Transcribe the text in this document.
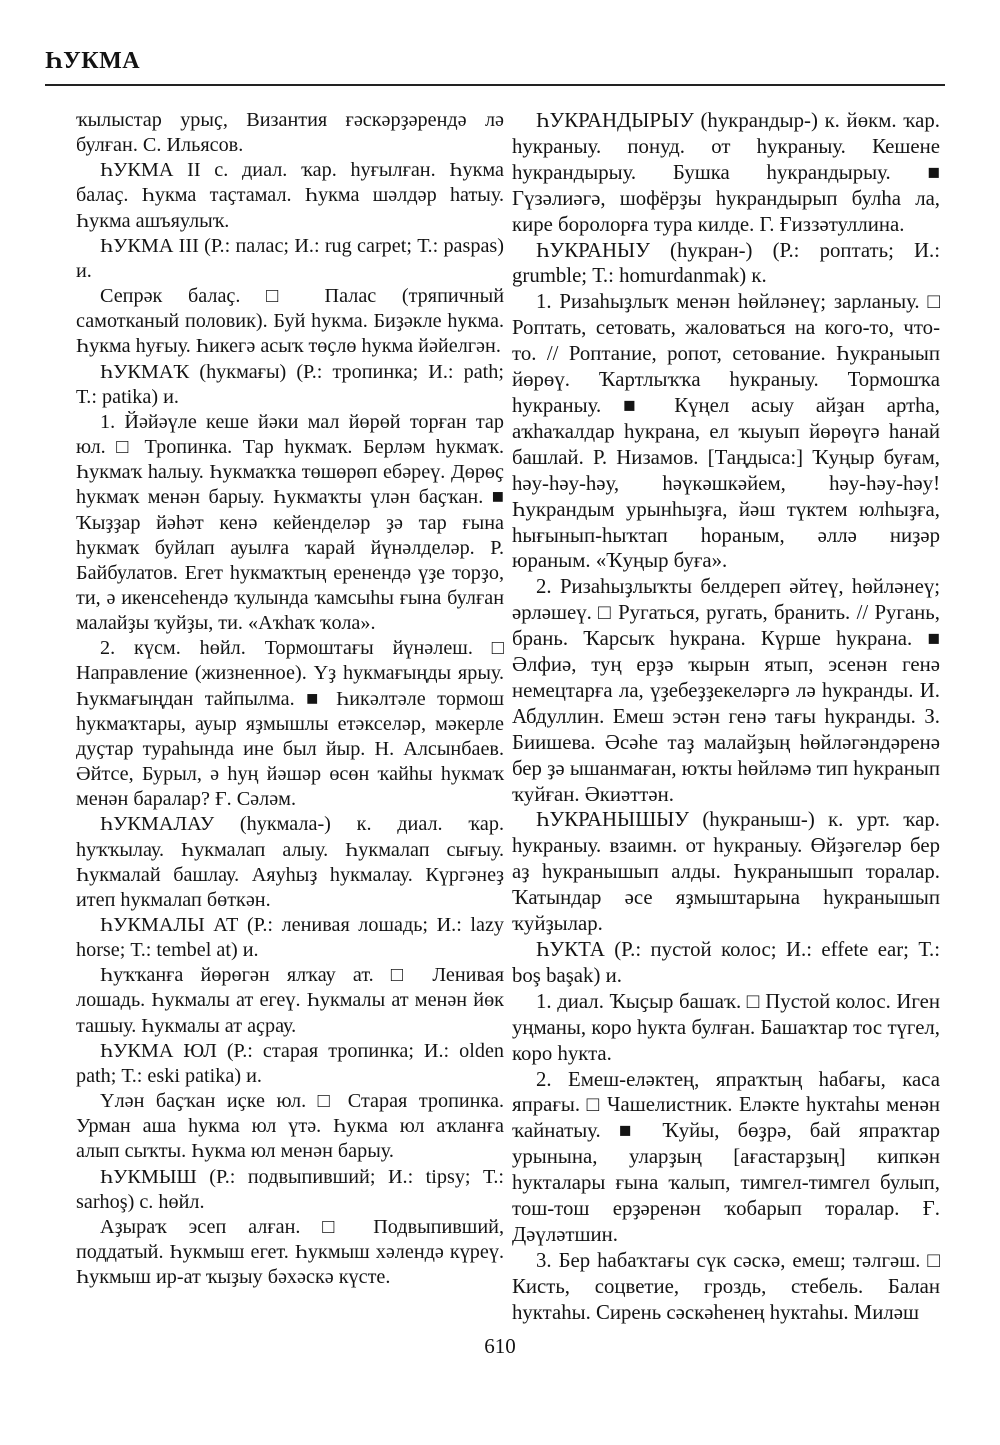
ҺУКМА

ҡылыстар урыҫ, Византия ғәскәрҙәрендә лә булған. С. Ильясов.

ҺУКМА II с. диал. ҡар. һуғылған. Һукма балаҫ. Һукма таҫтамал. Һукма шәлдәр һатыу. Һукма ашъяулыҡ.

ҺУКМА III (Р.: палас; И.: rug carpet; Т.: paspas) и.

Сепрәк балаҫ. □ Палас (тряпичный самотканый половик). Буй һукма. Биҙәкле һукма. Һукма һуғыу. Һикегә асыҡ төҫлө һукма йәйелгән.

ҺУКМАҠ (һукмағы) (Р.: тропинка; И.: path; Т.: patika) и.

1. Йәйәүле кеше йәки мал йөрөй торған тар юл. □ Тропинка. Тар һукмаҡ. Берләм һукмаҡ. Һукмаҡ һалыу. Һукмаҡҡа төшөрөп ебәреү. Дөрөҫ һукмаҡ менән барыу. Һукмаҡты үлән баҫҡан. ■ Ҡыҙҙар йәһәт кенә кейенделәр ҙә тар ғына һукмаҡ буйлап ауылға ҡарай йүнәлделәр. Р. Байбулатов. Егет һукмаҡтың еренендә үҙе торҙо, ти, ә икенсеһендә ҡулында ҡамсыһы ғына булған малайҙы ҡуйҙы, ти. «Аҡһаҡ ҡола».

2. күсм. һөйл. Тормоштағы йүнәлеш. □ Направление (жизненное). Үҙ һукмағыңды ярыу. Һукмағыңдан тайпылма. ■ Һикәлтәле тормош һукмаҡтары, ауыр яҙмышлы етәкселәр, мәкерле дуҫтар тураһында ине был йыр. Н. Алсынбаев. Әйтсе, Бурыл, ә һуң йәшәр өсөн ҡайһы һукмаҡ менән баралар? Ғ. Сәләм.

ҺУКМАЛАУ (һукмала-) к. диал. ҡар. һуҡҡылау. Һукмалап алыу. Һукмалап сығыу. Һукмалай башлау. Аяуһыҙ һукмалау. Күргәнеҙ итеп һукмалап бөткән.

ҺУКМАЛЫ АТ (Р.: ленивая лошадь; И.: lazy horse; Т.: tembel at) и.

Һуҡҡанға йөрөгән ялҡау ат. □ Ленивая лошадь. Һукмалы ат егеү. Һукмалы ат менән йөк ташыу. Һукмалы ат аҫрау.

ҺУКМА ЮЛ (Р.: старая тропинка; И.: olden path; Т.: eski patika) и.

Үлән баҫҡан иҫке юл. □ Старая тропинка. Урман аша һукма юл үтә. Һукма юл аҡланға алып сыҡты. Һукма юл менән барыу.

ҺУКМЫШ (Р.: подвыпивший; И.: tipsy; Т.: sarhoş) с. һөйл.

Аҙыраҡ эсеп алған. □ Подвыпивший, поддатый. Һукмыш егет. Һукмыш хәлендә күреү. Һукмыш ир-ат ҡыҙыу бәхәскә күсте.

ҺУКРАНДЫРЫУ (һукрандыр-) к. йөкм. ҡар. һукраныу. понуд. от һукраныу. Кешене һукрандырыу. Бушка һукрандырыу. ■ Гүзәлиәгә, шофёрҙы һукрандырып булһа ла, кире боролорға тура килде. Г. Ғиззәтуллина.

ҺУКРАНЫУ (һукран-) (Р.: роптать; И.: grumble; Т.: homurdanmak) к.

1. Ризаһыҙлыҡ менән һөйләнеү; зарланыу. □ Роптать, сетовать, жаловаться на кого-то, что-то. // Роптание, ропот, сетование. Һукраныып йөрөү. Ҡартлыҡҡа һукраныу. Тормошҡа һукраныу. ■ Күңел асыу айҙан артһа, аҡһаҡалдар һукрана, ел ҡыуып йөрөүгә һанай башлай. Р. Низамов. [Таңдыса:] Ҡуңыр буғам, һәу-һәу-һәу, һәүкәшкәйем, һәу-һәу-һәу! Һукрандым урынһыҙға, йәш түктем юлһыҙға, һығынып-һыҡтап һораным, әллә ниҙәр юраным. «Ҡуңыр буға».

2. Ризаһыҙлыҡты белдереп әйтеү, һөйләнеү; әрләшеү. □ Ругаться, ругать, бранить. // Ругань, брань. Ҡарсыҡ һукрана. Күрше һукрана. ■ Әлфиә, туң ерҙә ҡырын ятып, эсенән генә немецтарға ла, үҙебеҙҙекеләргә лә һукранды. И. Абдуллин. Емеш эстән генә тағы һукранды. З. Биишева. Әсәһе таҙ малайҙың һөйләгәндәренә бер ҙә ышанмаған, юҡты һөйләмә тип һукранып ҡуйған. Әкиәттән.

ҺУКРАНЫШЫУ (һукраныш-) к. урт. ҡар. һукраныу. взаимн. от һукраныу. Өйҙәгеләр бер аҙ һукранышып алды. Һукранышып торалар. Ҡатындар әсе яҙмыштарына һукранышып ҡуйҙылар.

ҺУКТА (Р.: пустой колос; И.: effete ear; Т.: boş başak) и.

1. диал. Ҡыҫыр башаҡ. □ Пустой колос. Иген уңманы, коро һукта булған. Башаҡтар тос түгел, коро һукта.

2. Емеш-еләктең, япраҡтың һабағы, каса япрағы. □ Чашелистник. Еләкте һуктаһы менән ҡайнатыу. ■ Ҡуйы, бөҙрә, бай япраҡтар урынына, уларҙың [ағастарҙың] кипкән һукталары ғына ҡалып, тимгел-тимгел булып, тош-тош ерҙәренән ҡобарып торалар. Ғ. Дәүләтшин.

3. Бер һабаҡтағы сүк сәскә, емеш; тәлгәш. □ Кисть, соцветие, гроздь, стебель. Балан һуктаһы. Сирень сәскәһенең һуктаһы. Миләш

610
